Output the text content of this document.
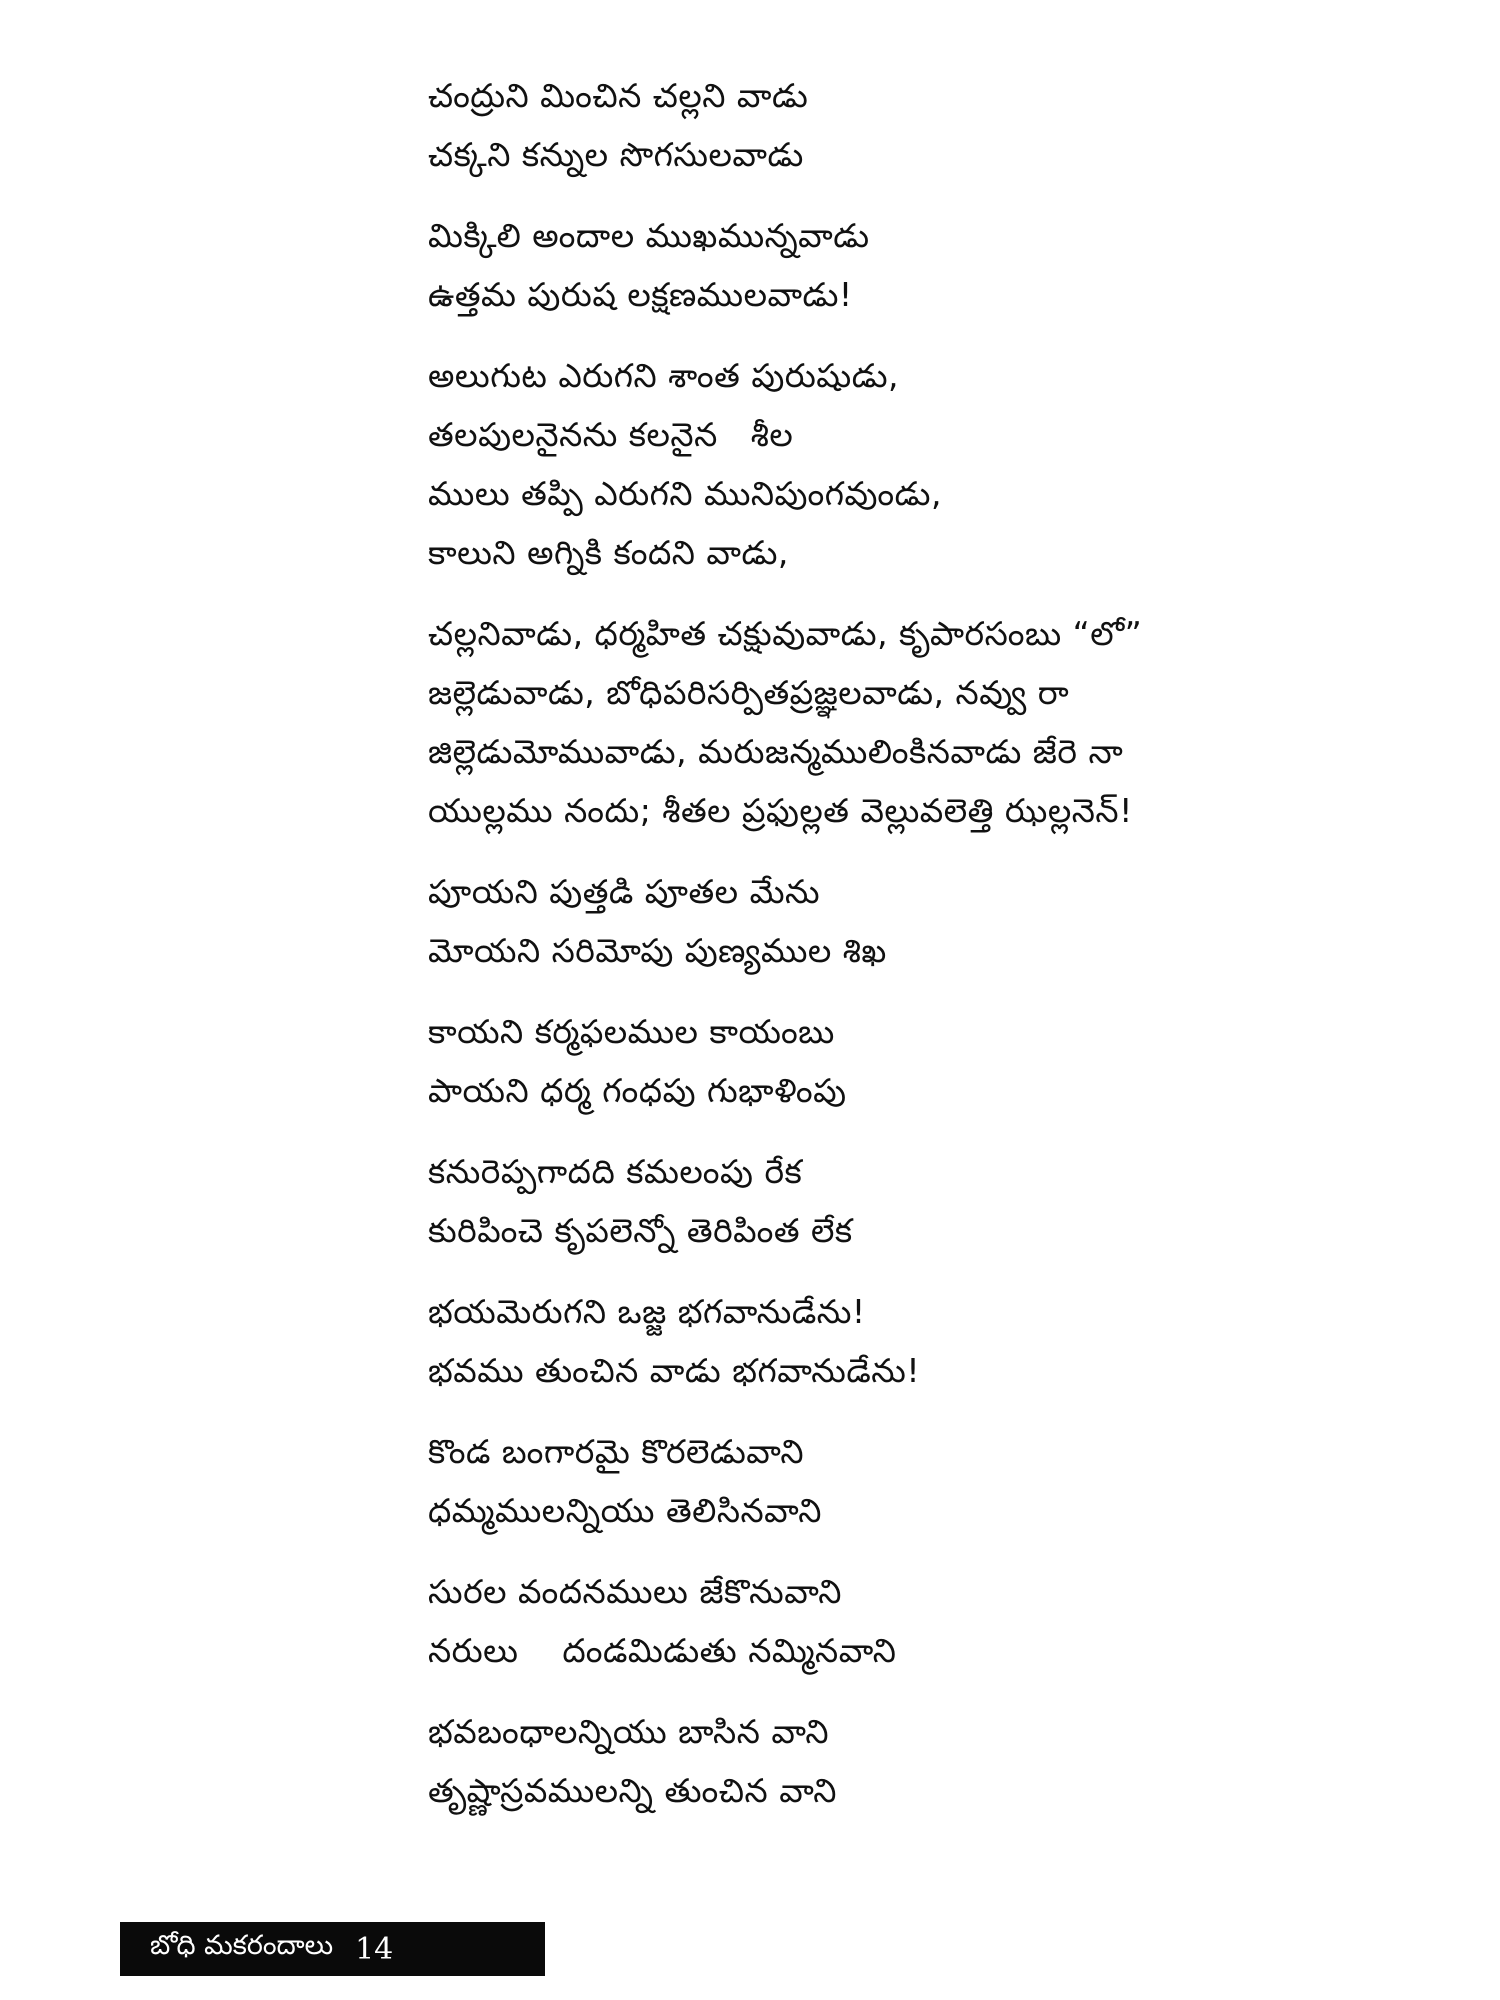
చంద్రుని మించిన చల్లని వాడు
చక్కని కన్నుల సొగసులవాడు
మిక్కిలి అందాల ముఖమున్నవాడు
ఉత్తమ పురుష లక్షణములవాడు!
అలుగుట ఎరుగని శాంత పురుషుడు,
తలపులనైనను కలనైన   శీల
ములు తప్పి ఎరుగని మునిపుంగవుండు,
కాలుని అగ్నికి కందని వాడు,
చల్లనివాడు, ధర్మహిత చక్షువువాడు, కృపారసంబు “లో”
జల్లెడువాడు, బోధిపరిసర్పితప్రజ్ఞలవాడు, నవ్వు రా
జిల్లెడుమోమువాడు, మరుజన్మములింకినవాడు జేరె నా
యుల్లము నందు; శీతల ప్రఫుల్లత వెల్లువలెత్తి ఝల్లనెన్!
పూయని పుత్తడి పూతల మేను
మోయని సరిమోపు పుణ్యముల శిఖ
కాయని కర్మఫలముల కాయంబు
పాయని ధర్మ గంధపు గుభాళింపు
కనురెప్పగాదది కమలంపు రేక
కురిపించె కృపలెన్నో తెరిపింత లేక
భయమెరుగని ఒజ్జ భగవానుడేను!
భవము తుంచిన వాడు భగవానుడేను!
కొండ బంగారమై కొరలెడువాని
ధమ్మములన్నియు తెలిసినవాని
సురల వందనములు జేకొనువాని
నరులు    దండమిడుతు నమ్మినవాని
భవబంధాలన్నియు బాసిన వాని
తృష్ణాస్రవములన్ని తుంచిన వాని
బోధి మకరందాలు 14
